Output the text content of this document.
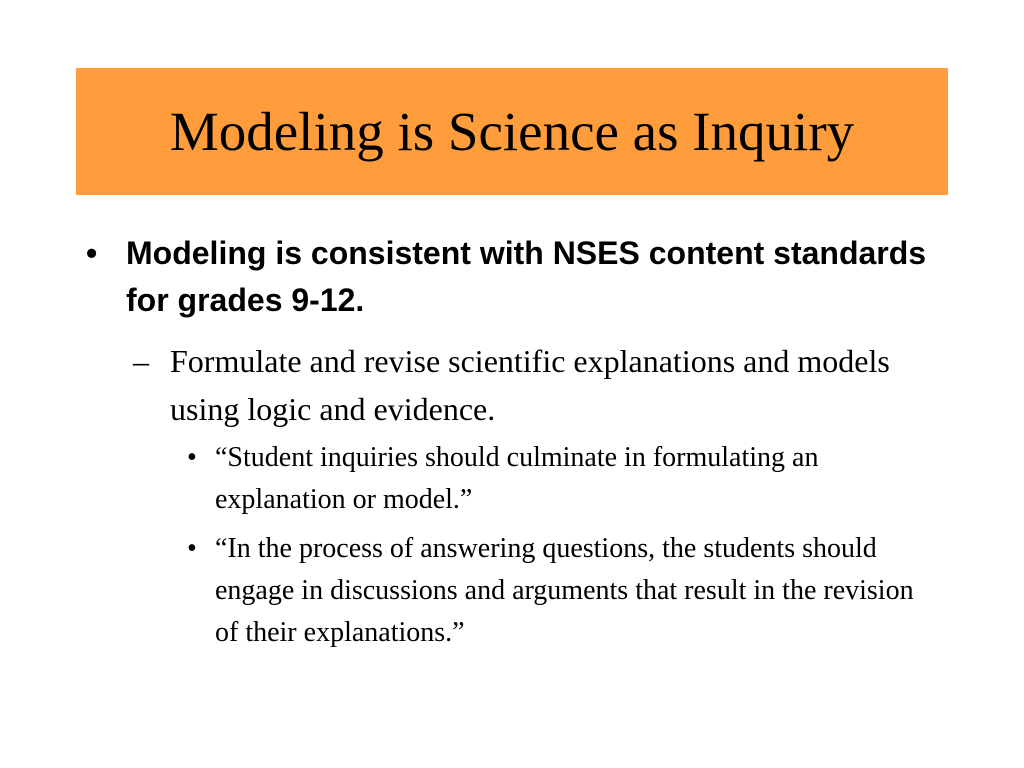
Modeling is Science as Inquiry
• Modeling is consistent with NSES content standards for grades 9-12.
– Formulate and revise scientific explanations and models using logic and evidence.
• “Student inquiries should culminate in formulating an explanation or model.”
• “In the process of answering questions, the students should engage in discussions and arguments that result in the revision of their explanations.”
